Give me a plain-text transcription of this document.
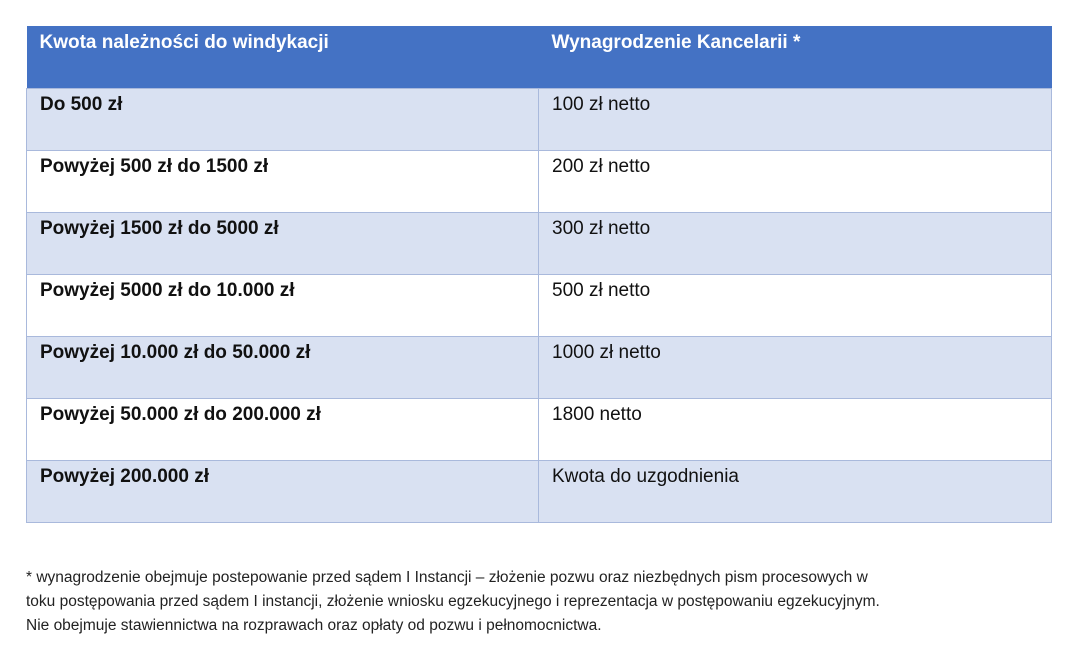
Kwota należności do windykacji	Wynagrodzenie Kancelarii *
Do 500 zł	100 zł netto
Powyżej 500 zł do 1500 zł	200 zł netto
Powyżej 1500 zł do 5000 zł	300 zł netto
Powyżej 5000 zł do 10.000 zł	500 zł netto
Powyżej 10.000 zł do 50.000 zł	1000 zł netto
Powyżej 50.000 zł do 200.000 zł	1800 netto
Powyżej 200.000 zł	Kwota do uzgodnienia

* wynagrodzenie obejmuje postepowanie przed sądem I Instancji – złożenie pozwu oraz niezbędnych pism procesowych w

toku postępowania przed sądem I instancji, złożenie wniosku egzekucyjnego i reprezentacja w postępowaniu egzekucyjnym.

Nie obejmuje stawiennictwa na rozprawach oraz opłaty od pozwu i pełnomocnictwa.
